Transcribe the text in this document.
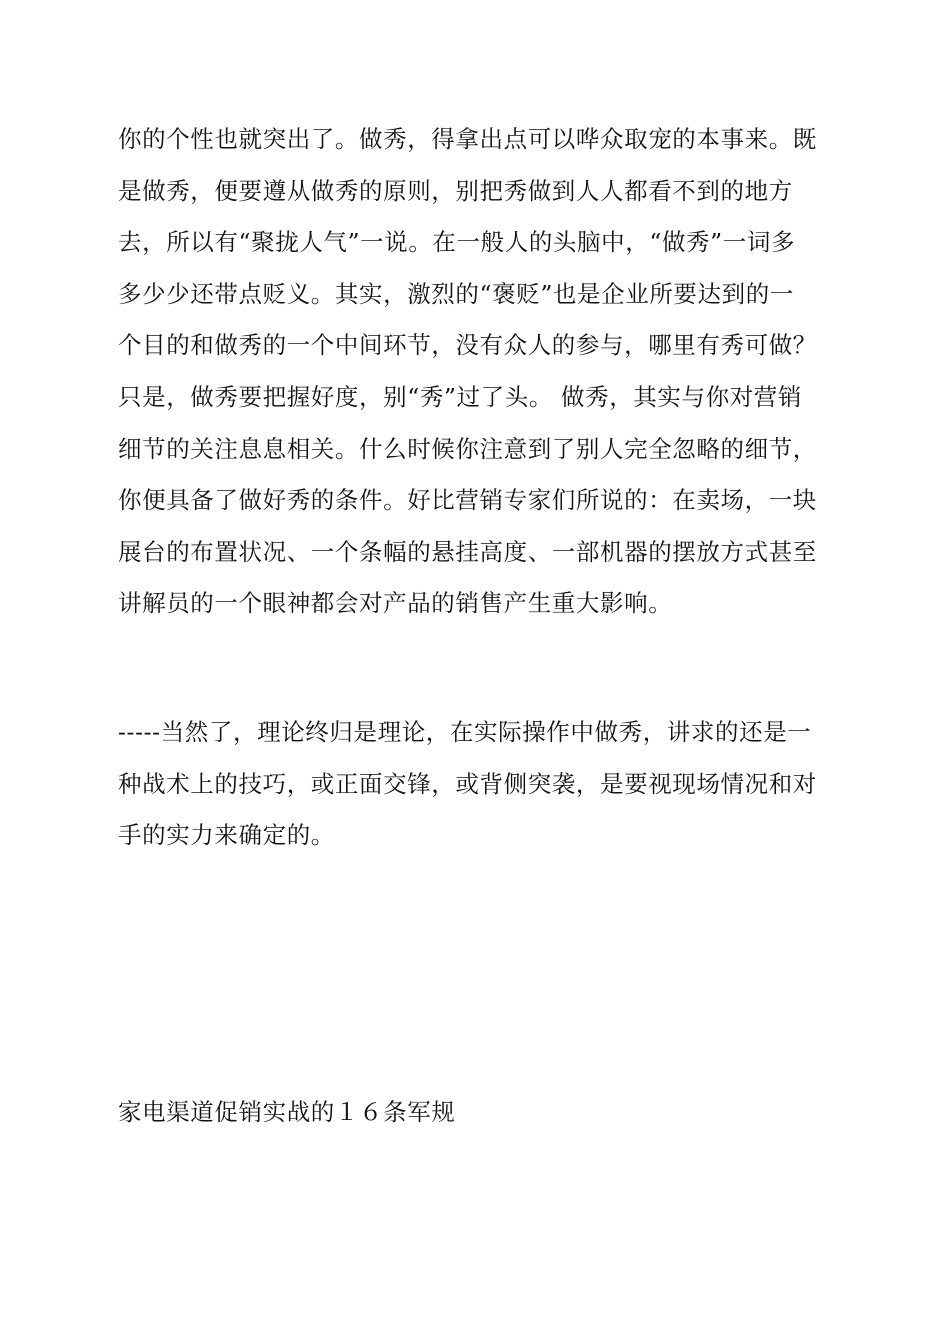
你的个性也就突出了。做秀，得拿出点可以哗众取宠的本事来。既是做秀，便要遵从做秀的原则，别把秀做到人人都看不到的地方去，所以有“聚拢人气”一说。在一般人的头脑中，“做秀”一词多多少少还带点贬义。其实，激烈的“褒贬”也是企业所要达到的一个目的和做秀的一个中间环节，没有众人的参与，哪里有秀可做？只是，做秀要把握好度，别“秀”过了头。 做秀，其实与你对营销细节的关注息息相关。什么时候你注意到了别人完全忽略的细节，你便具备了做好秀的条件。好比营销专家们所说的：在卖场，一块展台的布置状况、一个条幅的悬挂高度、一部机器的摆放方式甚至讲解员的一个眼神都会对产品的销售产生重大影响。

-----当然了，理论终归是理论，在实际操作中做秀，讲求的还是一种战术上的技巧，或正面交锋，或背侧突袭，是要视现场情况和对手的实力来确定的。

家电渠道促销实战的１６条军规
